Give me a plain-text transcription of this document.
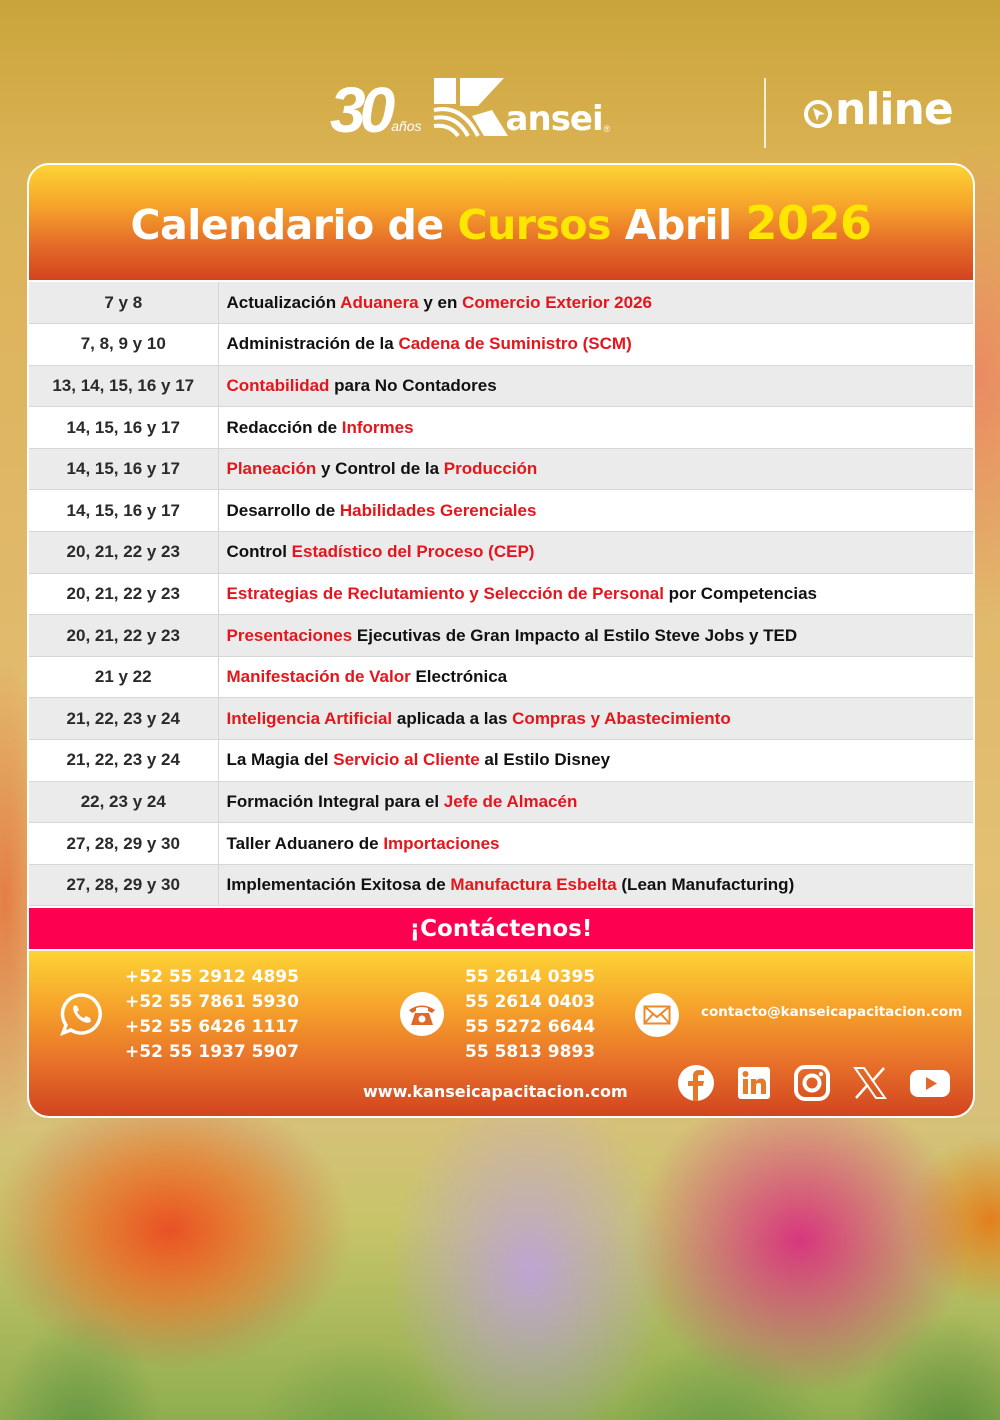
30 años ansei ®	nline
Calendario de Cursos Abril 2026
7 y 8	Actualización Aduanera y en Comercio Exterior 2026
7, 8, 9 y 10	Administración de la Cadena de Suministro (SCM)
13, 14, 15, 16 y 17	Contabilidad para No Contadores
14, 15, 16 y 17	Redacción de Informes
14, 15, 16 y 17	Planeación y Control de la Producción
14, 15, 16 y 17	Desarrollo de Habilidades Gerenciales
20, 21, 22 y 23	Control Estadístico del Proceso (CEP)
20, 21, 22 y 23	Estrategias de Reclutamiento y Selección de Personal por Competencias
20, 21, 22 y 23	Presentaciones Ejecutivas de Gran Impacto al Estilo Steve Jobs y TED
21 y 22	Manifestación de Valor Electrónica
21, 22, 23 y 24	Inteligencia Artificial aplicada a las Compras y Abastecimiento
21, 22, 23 y 24	La Magia del Servicio al Cliente al Estilo Disney
22, 23 y 24	Formación Integral para el Jefe de Almacén
27, 28, 29 y 30	Taller Aduanero de Importaciones
27, 28, 29 y 30	Implementación Exitosa de Manufactura Esbelta (Lean Manufacturing)
¡Contáctenos!
+52 55 2912 4895
+52 55 7861 5930
+52 55 6426 1117
+52 55 1937 5907
55 2614 0395
55 2614 0403
55 5272 6644
55 5813 9893
contacto@kanseicapacitacion.com
www.kanseicapacitacion.com
